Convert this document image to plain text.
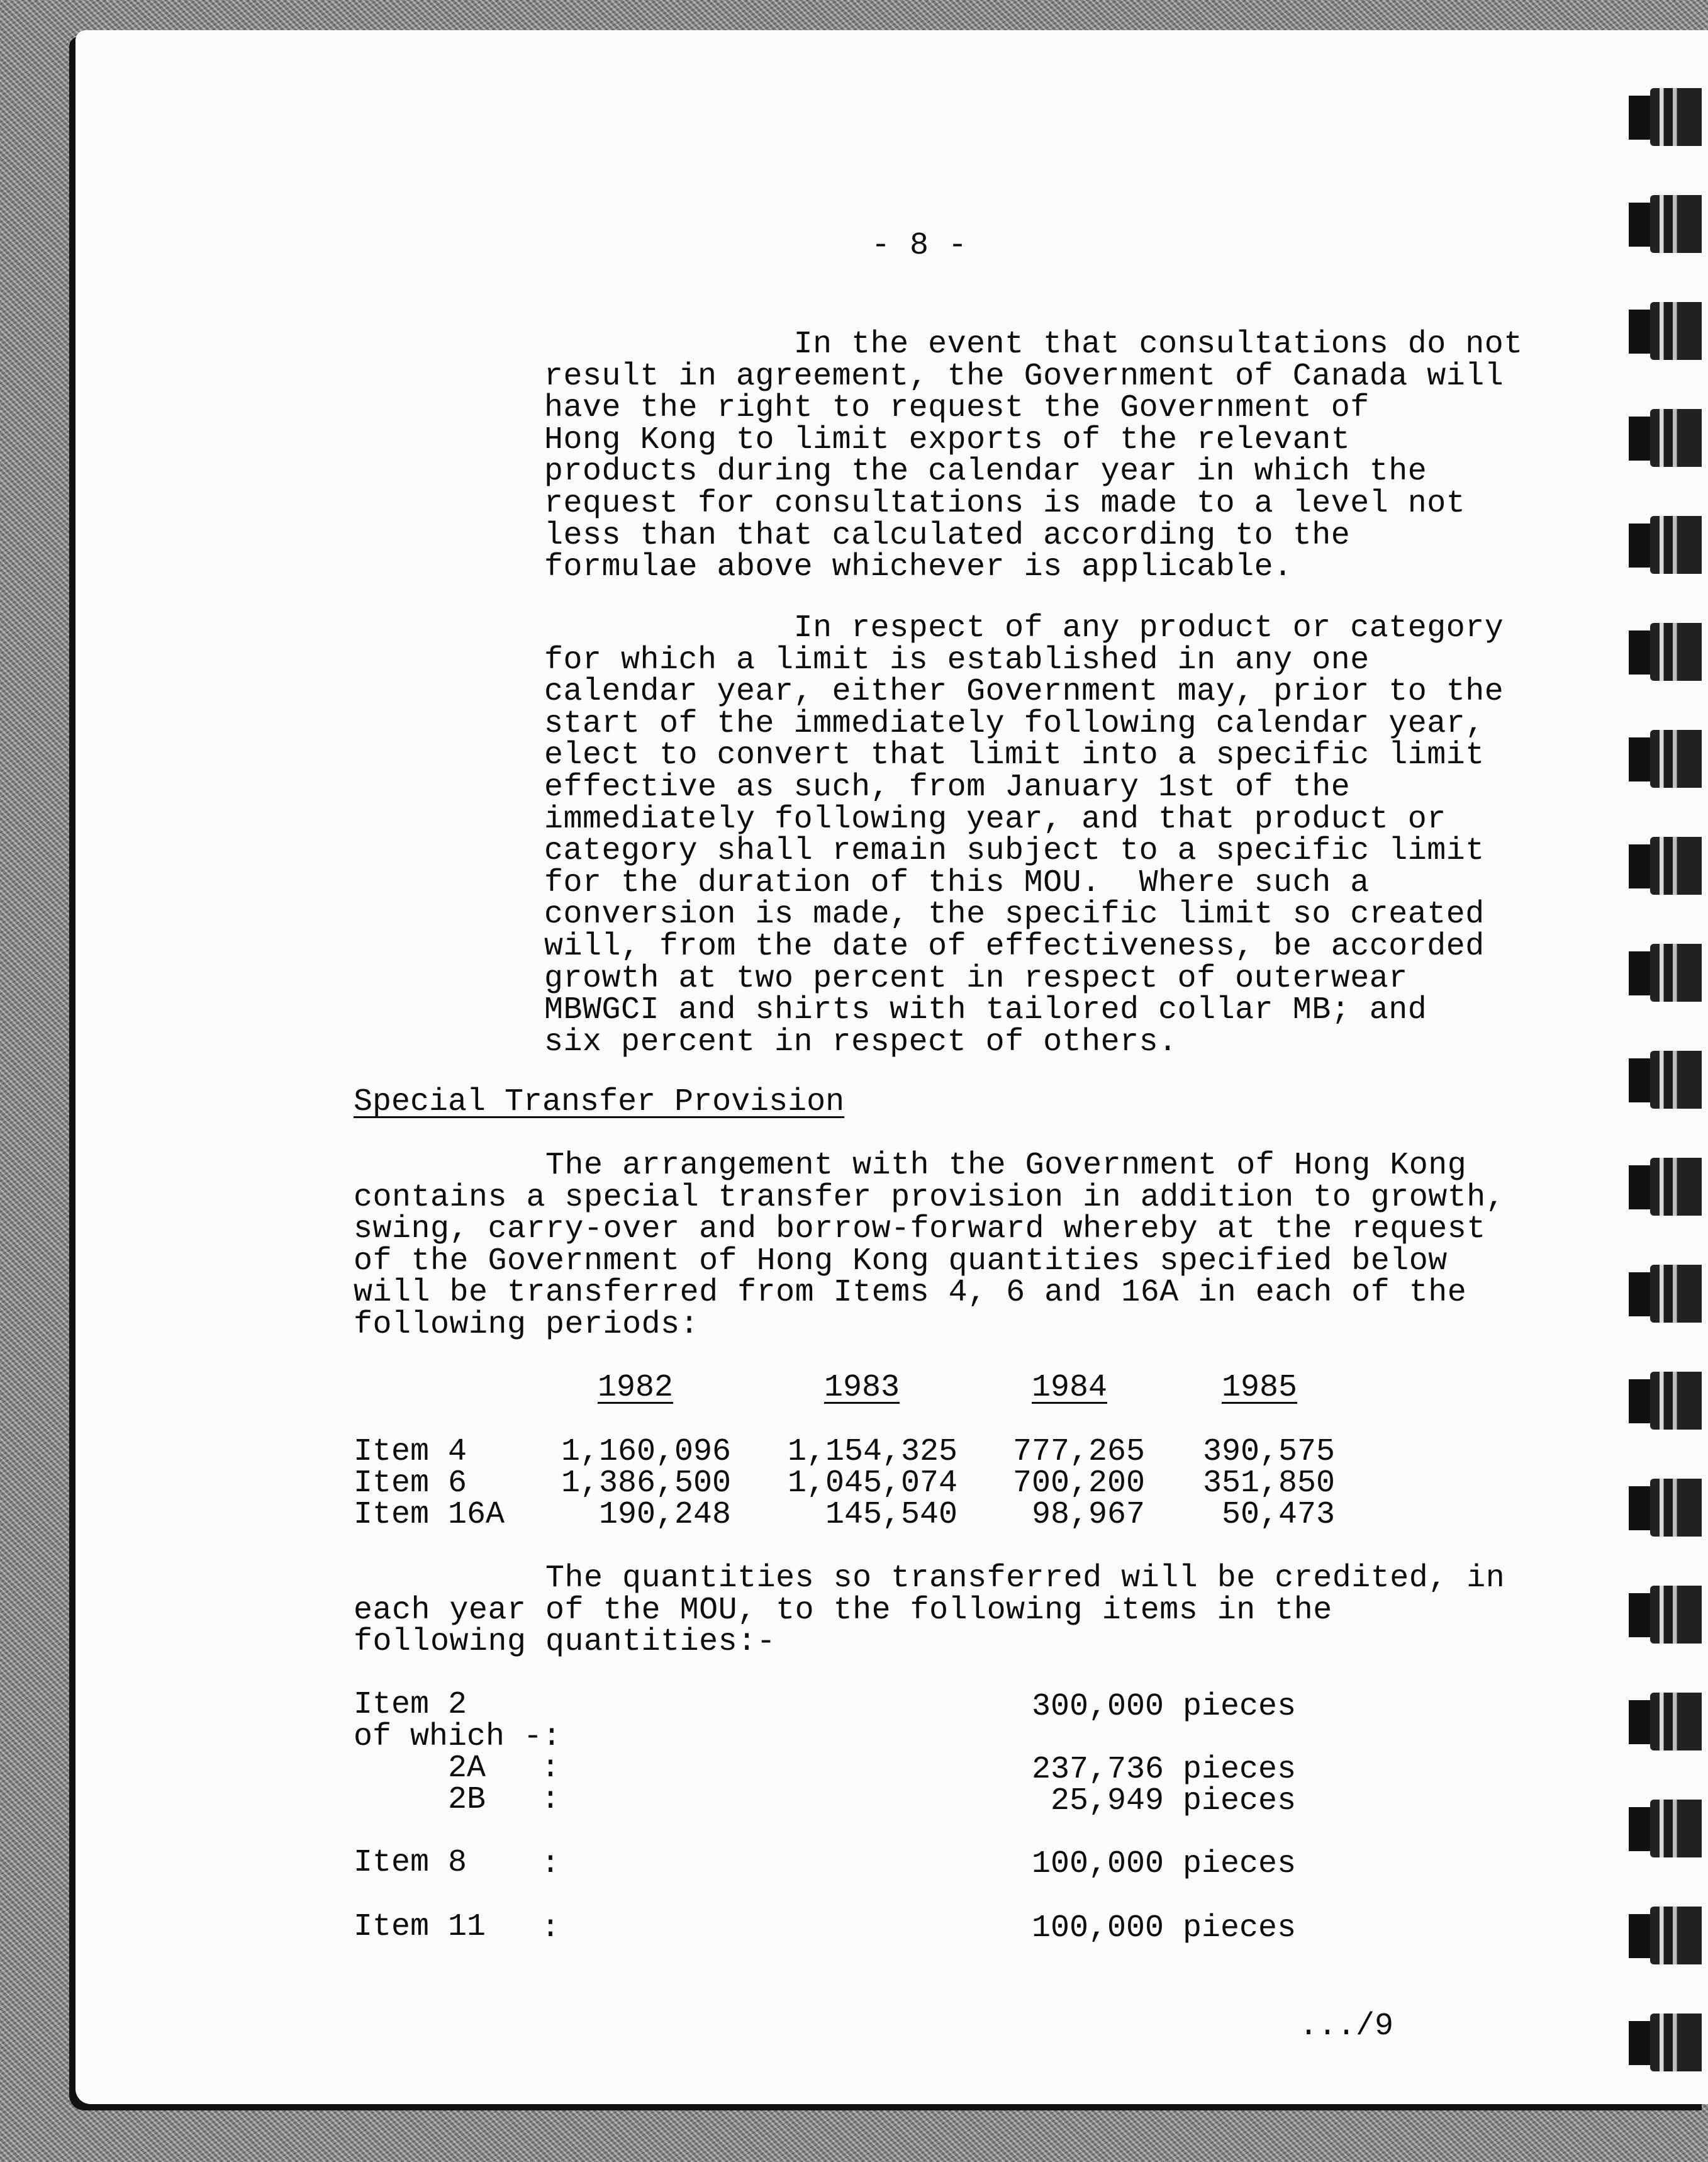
- 8 -
In the event that consultations do not
result in agreement, the Government of Canada will
have the right to request the Government of
Hong Kong to limit exports of the relevant
products during the calendar year in which the
request for consultations is made to a level not
less than that calculated according to the
formulae above whichever is applicable.
In respect of any product or category
for which a limit is established in any one
calendar year, either Government may, prior to the
start of the immediately following calendar year,
elect to convert that limit into a specific limit
effective as such, from January 1st of the
immediately following year, and that product or
category shall remain subject to a specific limit
for the duration of this MOU.  Where such a
conversion is made, the specific limit so created
will, from the date of effectiveness, be accorded
growth at two percent in respect of outerwear
MBWGCI and shirts with tailored collar MB; and
six percent in respect of others.
Special Transfer Provision
The arrangement with the Government of Hong Kong
contains a special transfer provision in addition to growth,
swing, carry-over and borrow-forward whereby at the request
of the Government of Hong Kong quantities specified below
will be transferred from Items 4, 6 and 16A in each of the
following periods:
1982	1983	1984	1985
Item 4	1,160,096	1,154,325	777,265	390,575
Item 6	1,386,500	1,045,074	700,200	351,850
Item 16A	190,248	145,540	98,967	50,473
The quantities so transferred will be credited, in
each year of the MOU, to the following items in the
following quantities:-
Item 2	300,000 pieces
of which -:
2A :	237,736 pieces
2B :	25,949 pieces
Item 8 :	100,000 pieces
Item 11 :	100,000 pieces
.../9
